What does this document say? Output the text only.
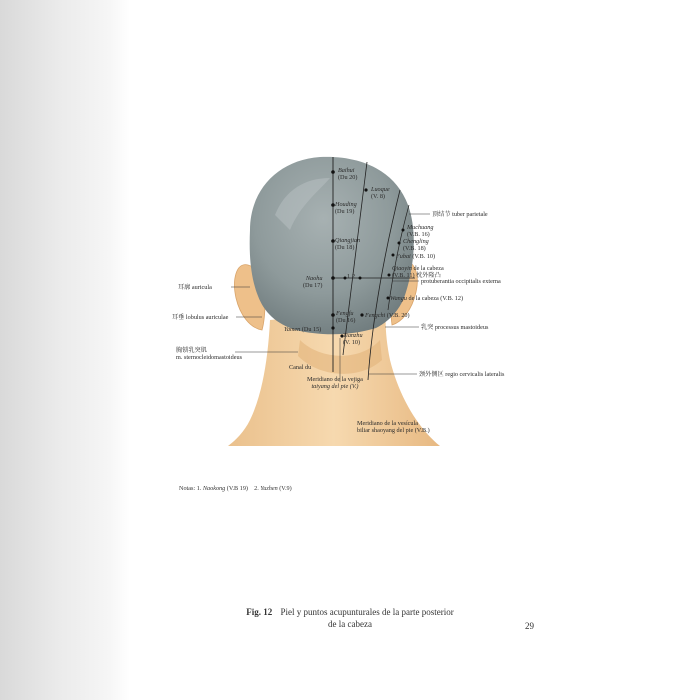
Baihui
(Du 20)
Luoque
(V. 8)
Houding
(Du 19)
Qiangjian
(Du 18)
Naohu
(Du 17)
1 2
Fengfu
(Du 16)
Yamen (Du 15)
Tianzhu
(V. 10)
Muchuang
(V.B. 16)
Chengling
(V.B. 18)
Fubai (V.B. 10)
Qiaoyin de la cabeza
(V.B. 11) 枕外隆凸
protuberantia occipitalis externa
Wangu de la cabeza (V.B. 12)
Fengchi (V.B. 20)
顶结节 tuber parietale
耳廓 auricula
耳垂 lobulus auriculae
乳突 processus mastoideus
胸锁乳突肌
m. sternocleidomastoideus
Canal du
Meridiano de la vejiga
taiyang del pie (V.)
颈外侧区 regio cervicalis lateralis
Meridiano de la vesícula
biliar shaoyang del pie (V.B.)
Notas: 1. Naokong (V.B 19) 2. Yuzhen (V.9)
Fig. 12 Piel y puntos acupunturales de la parte posterior
de la cabeza	29
